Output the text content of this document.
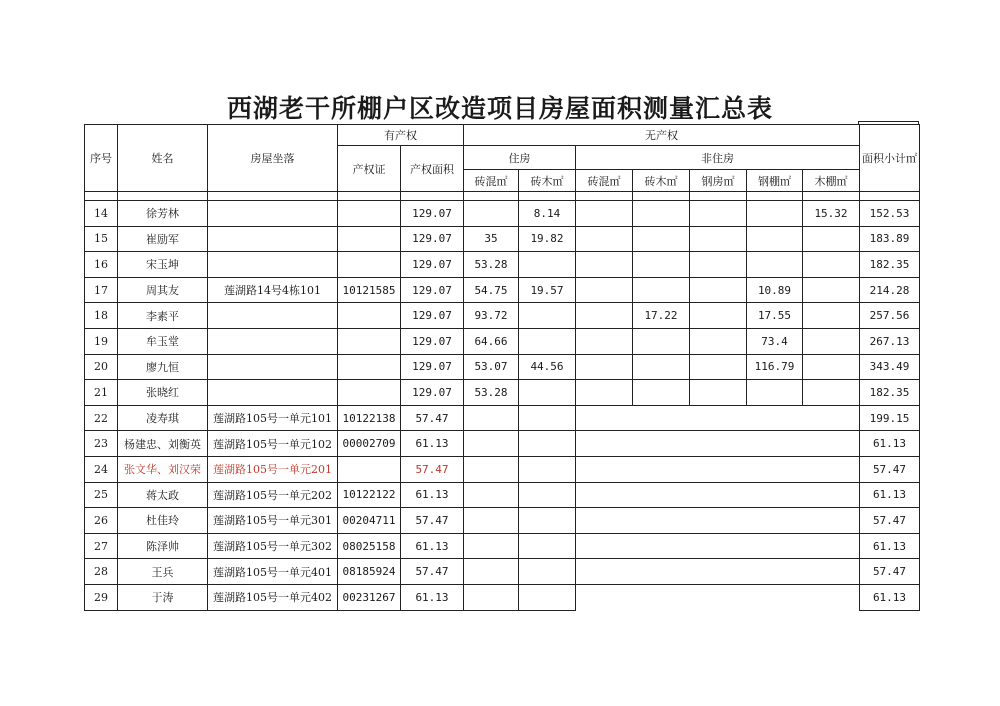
西湖老干所棚户区改造项目房屋面积测量汇总表
序号	姓名	房屋坐落	有产权		无产权							面积小计㎡
			产权证	产权面积	住房		非住房					
					砖混㎡	砖木㎡	砖混㎡	砖木㎡	钢房㎡	钢棚㎡	木棚㎡	

14	徐芳林			129.07		8.14					15.32	152.53
15	崔励军			129.07	35	19.82						183.89
16	宋玉坤			129.07	53.28							182.35
17	周其友	莲湖路14号4栋101	10121585	129.07	54.75	19.57				10.89		214.28
18	李素平			129.07	93.72			17.22		17.55		257.56
19	牟玉堂			129.07	64.66					73.4		267.13
20	廖九恒			129.07	53.07	44.56				116.79		343.49
21	张晓红			129.07	53.28							182.35
22	凌寿琪	莲湖路105号一单元101	10122138	57.47								199.15
23	杨建忠、刘衡英	莲湖路105号一单元102	00002709	61.13								61.13
24	张文华、刘汉荣	莲湖路105号一单元201		57.47								57.47
25	蒋太政	莲湖路105号一单元202	10122122	61.13								61.13
26	杜佳玲	莲湖路105号一单元301	00204711	57.47								57.47
27	陈泽帅	莲湖路105号一单元302	08025158	61.13								61.13
28	王兵	莲湖路105号一单元401	08185924	57.47								57.47
29	于涛	莲湖路105号一单元402	00231267	61.13								61.13
